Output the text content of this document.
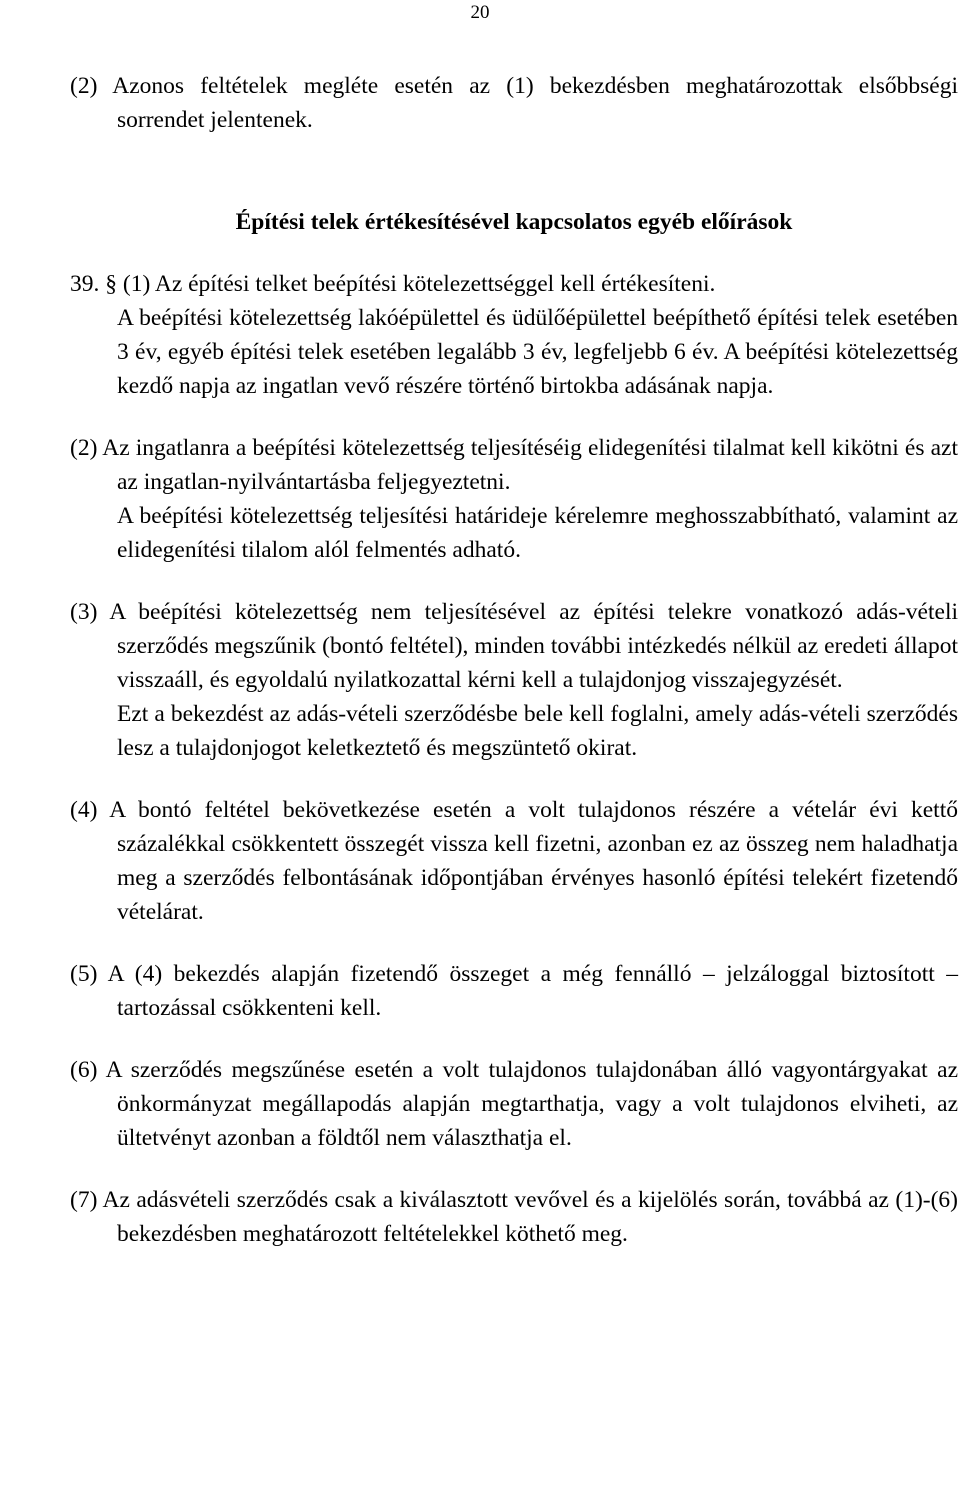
20
(2) Azonos feltételek megléte esetén az (1) bekezdésben meghatározottak elsőbbségi sorrendet jelentenek.
Építési telek értékesítésével kapcsolatos egyéb előírások
39. § (1) Az építési telket beépítési kötelezettséggel kell értékesíteni.
A beépítési kötelezettség lakóépülettel és üdülőépülettel beépíthető építési telek esetében 3 év, egyéb építési telek esetében legalább 3 év, legfeljebb 6 év. A beépítési kötelezettség kezdő napja az ingatlan vevő részére történő birtokba adásának napja.
(2) Az ingatlanra a beépítési kötelezettség teljesítéséig elidegenítési tilalmat kell kikötni és azt az ingatlan-nyilvántartásba feljegyeztetni.
A beépítési kötelezettség teljesítési határideje kérelemre meghosszabbítható, valamint az elidegenítési tilalom alól felmentés adható.
(3) A beépítési kötelezettség nem teljesítésével az építési telekre vonatkozó adás-vételi szerződés megszűnik (bontó feltétel), minden további intézkedés nélkül az eredeti állapot visszaáll, és egyoldalú nyilatkozattal kérni kell a tulajdonjog visszajegyzését.
Ezt a bekezdést az adás-vételi szerződésbe bele kell foglalni, amely adás-vételi szerződés lesz a tulajdonjogot keletkeztető és megszüntető okirat.
(4) A bontó feltétel bekövetkezése esetén a volt tulajdonos részére a vételár évi kettő százalékkal csökkentett összegét vissza kell fizetni, azonban ez az összeg nem haladhatja meg a szerződés felbontásának időpontjában érvényes hasonló építési telekért fizetendő vételárat.
(5) A (4) bekezdés alapján fizetendő összeget a még fennálló – jelzáloggal biztosított – tartozással csökkenteni kell.
(6) A szerződés megszűnése esetén a volt tulajdonos tulajdonában álló vagyontárgyakat az önkormányzat megállapodás alapján megtarthatja, vagy a volt tulajdonos elviheti, az ültetvényt azonban a földtől nem választhatja el.
(7) Az adásvételi szerződés csak a kiválasztott vevővel és a kijelölés során, továbbá az (1)-(6) bekezdésben meghatározott feltételekkel köthető meg.
